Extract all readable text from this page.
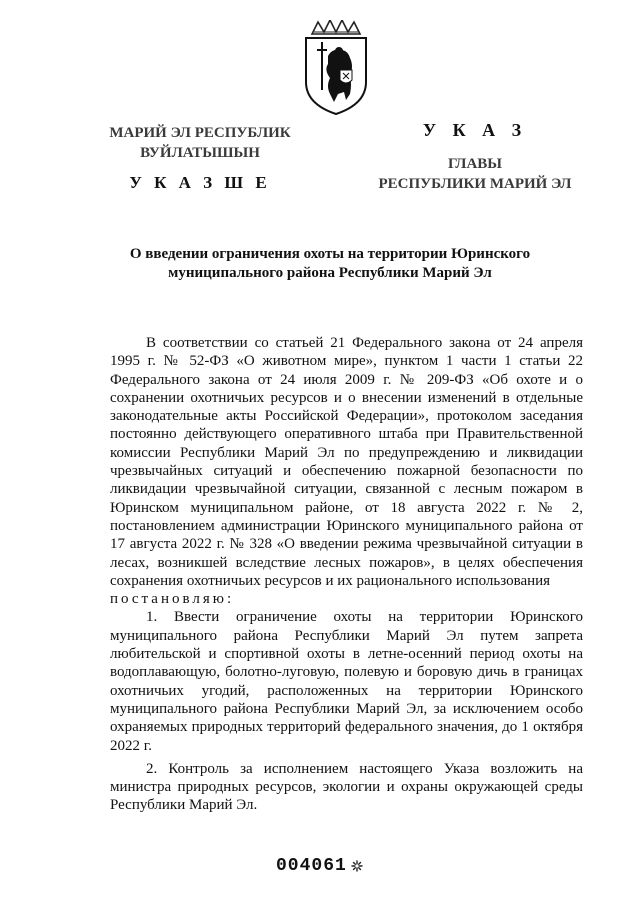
МАРИЙ ЭЛ РЕСПУБЛИК
ВУЙЛАТЫШЫН
У К А З Ш Е
У К А З
ГЛАВЫ
РЕСПУБЛИКИ МАРИЙ ЭЛ
О введении ограничения охоты на территории Юринского муниципального района Республики Марий Эл

В соответствии со статьей 21 Федерального закона от 24 апреля 1995 г. № 52-ФЗ «О животном мире», пунктом 1 части 1 статьи 22 Федерального закона от 24 июля 2009 г. № 209-ФЗ «Об охоте и о сохранении охотничьих ресурсов и о внесении изменений в отдельные законодательные акты Российской Федерации», протоколом заседания постоянно действующего оперативного штаба при Правительственной комиссии Республики Марий Эл по предупреждению и ликвидации чрезвычайных ситуаций и обеспечению пожарной безопасности по ликвидации чрезвычайной ситуации, связанной с лесным пожаром в Юринском муниципальном районе, от 18 августа 2022 г. № 2, постановлением администрации Юринского муниципального района от 17 августа 2022 г. № 328 «О введении режима чрезвычайной ситуации в лесах, возникшей вследствие лесных пожаров», в целях обеспечения сохранения охотничьих ресурсов и их рационального использования

постановляю:

1. Ввести ограничение охоты на территории Юринского муниципального района Республики Марий Эл путем запрета любительской и спортивной охоты в летне-осенний период охоты на водоплавающую, болотно-луговую, полевую и боровую дичь в границах охотничьих угодий, расположенных на территории Юринского муниципального района Республики Марий Эл, за исключением особо охраняемых природных территорий федерального значения, до 1 октября 2022 г.

2. Контроль за исполнением настоящего Указа возложить на министра природных ресурсов, экологии и охраны окружающей среды Республики Марий Эл.

004061
